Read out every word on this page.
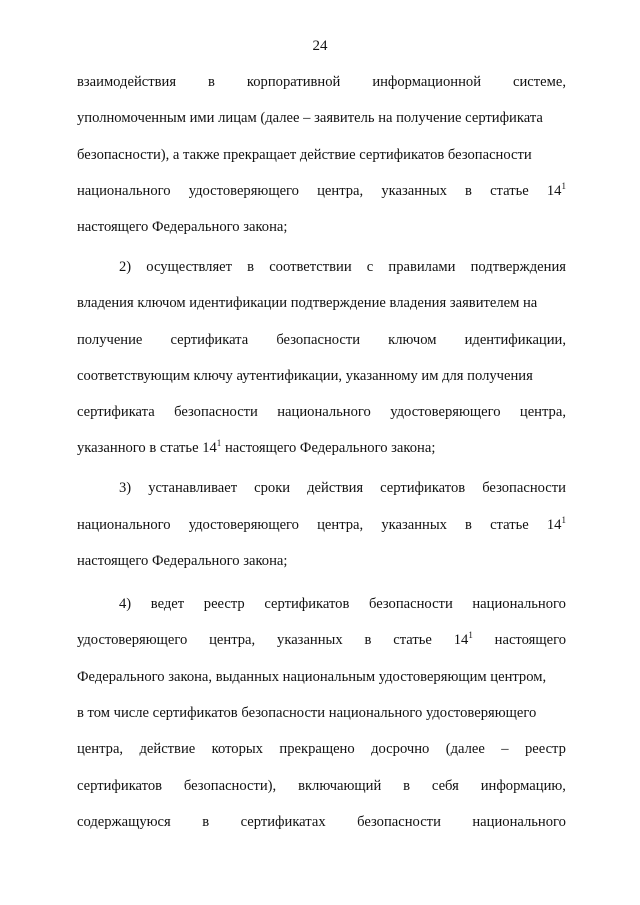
24
взаимодействия в корпоративной информационной системе,
уполномоченным ими лицам (далее – заявитель на получение сертификата
безопасности), а также прекращает действие сертификатов безопасности
национального удостоверяющего центра, указанных в статье $14^1$
настоящего Федерального закона;
2) осуществляет в соответствии с правилами подтверждения
владения ключом идентификации подтверждение владения заявителем на
получение сертификата безопасности ключом идентификации,
соответствующим ключу аутентификации, указанному им для получения
сертификата безопасности национального удостоверяющего центра,
указанного в статье $14^1$ настоящего Федерального закона;
3) устанавливает сроки действия сертификатов безопасности
национального удостоверяющего центра, указанных в статье $14^1$
настоящего Федерального закона;
4) ведет реестр сертификатов безопасности национального
удостоверяющего центра, указанных в статье $14^1$ настоящего
Федерального закона, выданных национальным удостоверяющим центром,
в том числе сертификатов безопасности национального удостоверяющего
центра, действие которых прекращено досрочно (далее – реестр
сертификатов безопасности), включающий в себя информацию,
содержащуюся в сертификатах безопасности национального
